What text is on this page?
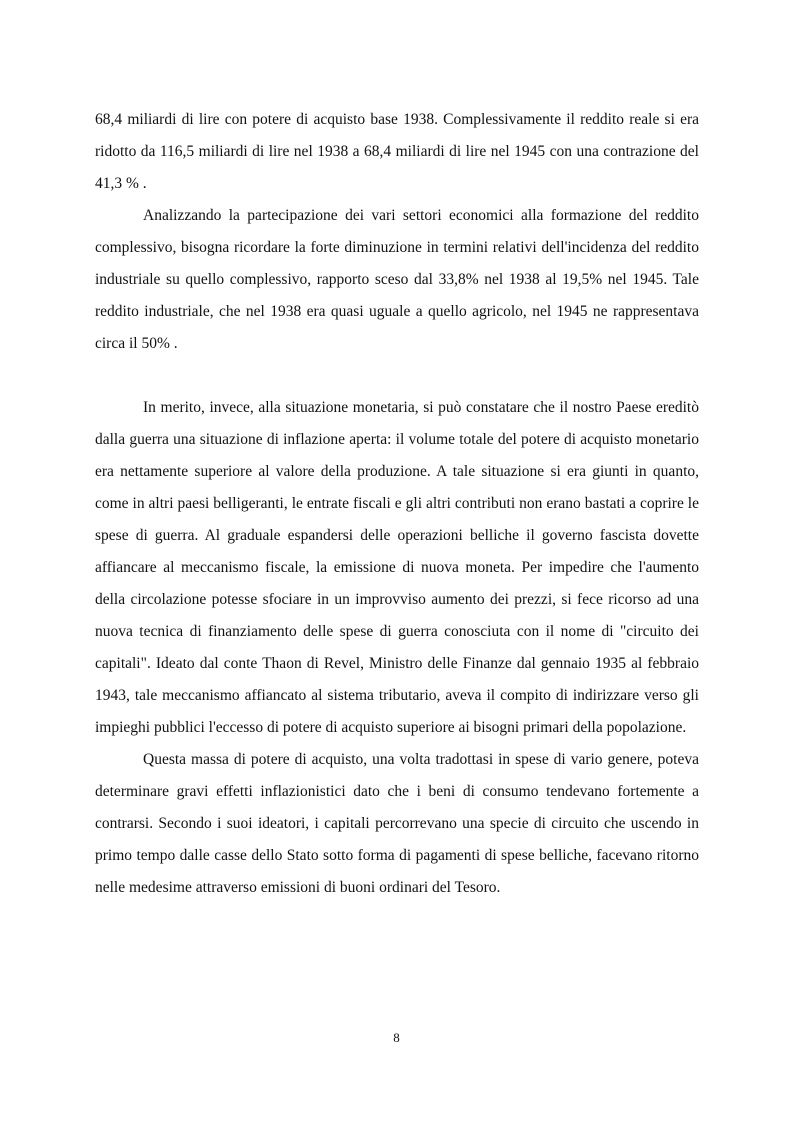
68,4 miliardi di lire con potere di acquisto base 1938. Complessivamente il reddito reale si era ridotto da 116,5 miliardi di lire nel 1938 a 68,4 miliardi di lire nel 1945 con una contrazione del 41,3 % .

Analizzando la partecipazione dei vari settori economici alla formazione del reddito complessivo, bisogna ricordare la forte diminuzione in termini relativi dell'incidenza del reddito industriale su quello complessivo, rapporto sceso dal 33,8% nel 1938 al 19,5% nel 1945. Tale reddito industriale, che nel 1938 era quasi uguale a quello agricolo, nel 1945 ne rappresentava circa il 50% .

In merito, invece, alla situazione monetaria, si può constatare che il nostro Paese ereditò dalla guerra una situazione di inflazione aperta: il volume totale del potere di acquisto monetario era nettamente superiore al valore della produzione. A tale situazione si era giunti in quanto, come in altri paesi belligeranti, le entrate fiscali e gli altri contributi non erano bastati a coprire le spese di guerra. Al graduale espandersi delle operazioni belliche il governo fascista dovette affiancare al meccanismo fiscale, la emissione di nuova moneta. Per impedire che l'aumento della circolazione potesse sfociare in un improvviso aumento dei prezzi, si fece ricorso ad una nuova tecnica di finanziamento delle spese di guerra conosciuta con il nome di "circuito dei capitali". Ideato dal conte Thaon di Revel, Ministro delle Finanze dal gennaio 1935 al febbraio 1943, tale meccanismo affiancato al sistema tributario, aveva il compito di indirizzare verso gli impieghi pubblici l'eccesso di potere di acquisto superiore ai bisogni primari della popolazione.

Questa massa di potere di acquisto, una volta tradottasi in spese di vario genere, poteva determinare gravi effetti inflazionistici dato che i beni di consumo tendevano fortemente a contrarsi. Secondo i suoi ideatori, i capitali percorrevano una specie di circuito che uscendo in primo tempo dalle casse dello Stato sotto forma di pagamenti di spese belliche, facevano ritorno nelle medesime attraverso emissioni di buoni ordinari del Tesoro.

8
